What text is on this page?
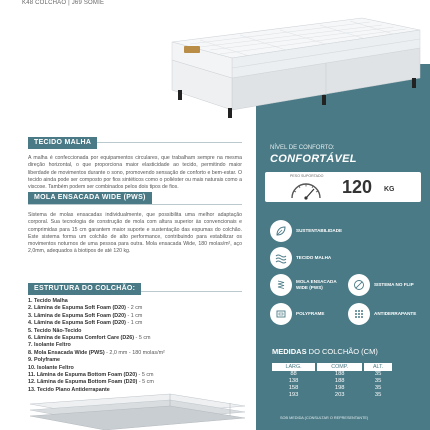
K48 COLCHÃO | J69 SOMIE
TECIDO MALHA
A malha é confeccionada por equipamentos circulares, que trabalham sempre na mesma direção horizontal, o que proporciona maior elasticidade ao tecido, permitindo maior liberdade de movimentos durante o sono, promovendo sensação de conforto e bem-estar. O tecido ainda pode ser composto por fios sintéticos como o poliéster ou mais naturais como a viscose. Também podem ser combinados pelos dois tipos de fios.
MOLA ENSACADA WIDE (PWS)
Sistema de molas ensacadas individualmente, que possibilita uma melhor adaptação corporal. Sua tecnologia de construção de mola com altura superior às convencionais e comprimidas para 15 cm garantem maior suporte e sustentação das espumas do colchão. Este sistema forma um colchão de alto performance, contribuindo para estabilizar os movimentos noturnos de uma pessoa para outra. Mola ensacada Wide, 180 molas/m², aço 2,0mm, adequados à biotipos de até 120 kg.
ESTRUTURA DO COLCHÃO:
1. Tecido Malha
2. Lâmina de Espuma Soft Foam (D20) - 2 cm
3. Lâmina de Espuma Soft Foam (D20) - 1 cm
4. Lâmina de Espuma Soft Foam (D20) - 1 cm
5. Tecido Não-Tecido
6. Lâmina de Espuma Comfort Care (D26) - 5 cm
7. Isolante Feltro
8. Mola Ensacada Wide (PWS) - 2,0 mm - 180 molas/m²
9. Polyframe
10. Isolante Feltro
11. Lâmina de Espuma Bottom Foam (D20) - 5 cm
12. Lâmina de Espuma Bottom Foam (D20) - 5 cm
13. Tecido Plano Antiderrapante
NÍVEL DE CONFORTO:
CONFORTÁVEL
PESO SUPORTADO
120 KG
SUSTENTABILIDADE
TECIDO MALHA
MOLA ENSACADA WIDE (PWS)
SISTEMA NO FLIP
POLYFRAME	ANTIDERRAPANTE
MEDIDAS DO COLCHÃO (CM)
LARG.		COMP.		ALT.
88		188		35
138		188		35
158		198		35
193		203		35
SOB MEDIDA (CONSULTAR O REPRESENTANTE)
